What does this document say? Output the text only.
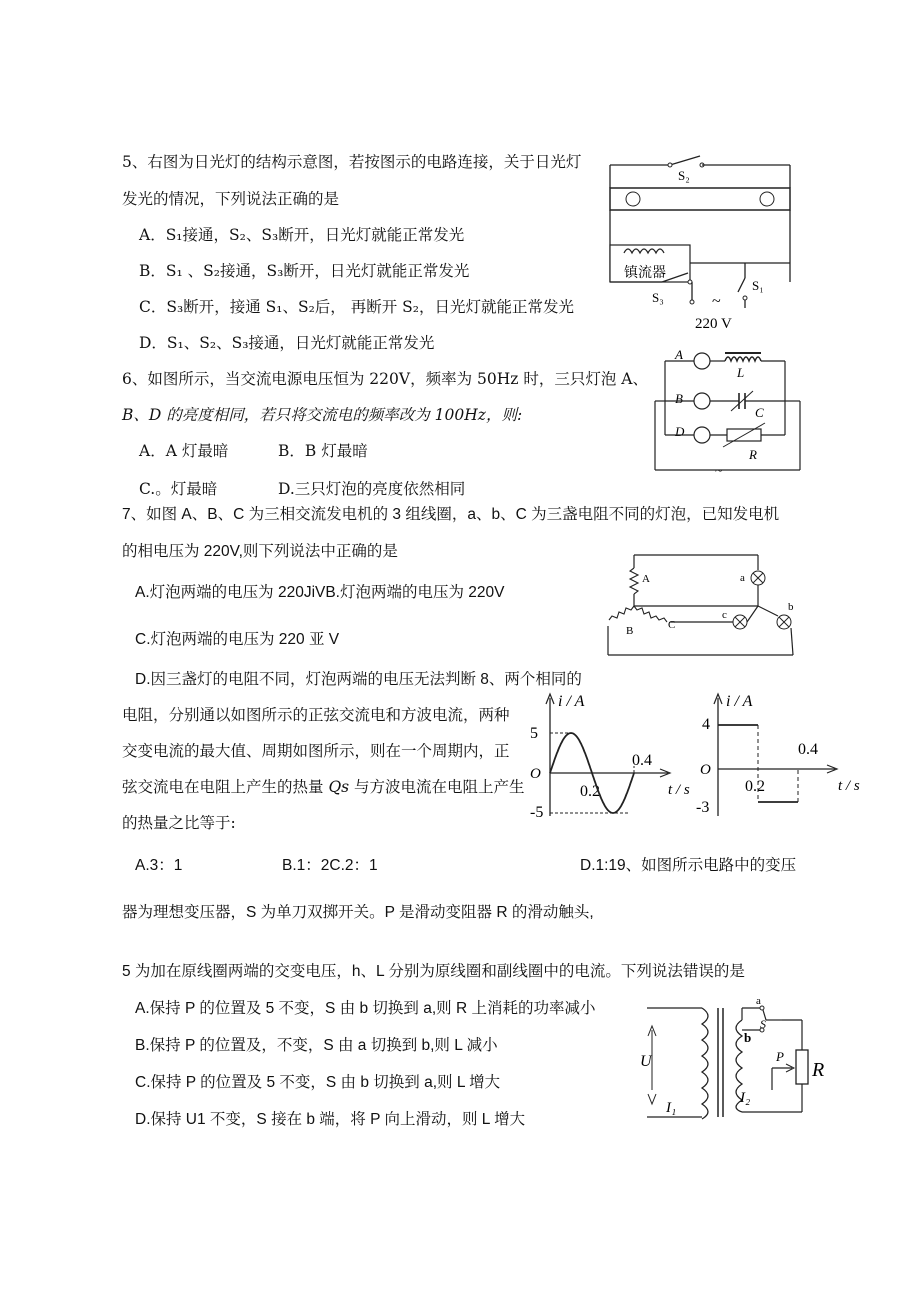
5、右图为日光灯的结构示意图，若按图示的电路连接，关于日光灯
发光的情况，下列说法正确的是
A．S₁接通，S₂、S₃断开，日光灯就能正常发光
B．S₁ 、S₂接通，S₃断开，日光灯就能正常发光
C．S₃断开，接通 S₁、S₂后， 再断开 S₂，日光灯就能正常发光
D．S₁、S₂、S₃接通，日光灯就能正常发光
S₂
镇流器
S₃
S₁
~
220 V
6、如图所示，当交流电源电压恒为 220V，频率为 50Hz 时，三只灯泡 A、
B、D 的亮度相同，若只将交流电的频率改为 100Hz，则:
A．A 灯最暗	B．B 灯最暗
C.。灯最暗	D.三只灯泡的亮度依然相同
A
L
B
C
D
R
~
7、如图 A、B、C 为三相交流发电机的 3 组线圈，a、b、C 为三盏电阻不同的灯泡，已知发电机
的相电压为 220V,则下列说法中正确的是
A.灯泡两端的电压为 220JiVB.灯泡两端的电压为 220V
C.灯泡两端的电压为 220 亚 V
D.因三盏灯的电阻不同，灯泡两端的电压无法判断 8、两个相同的
A	a
B	C
c
b
电阻，分别通以如图所示的正弦交流电和方波电流，两种
交变电流的最大值、周期如图所示，则在一个周期内，正
弦交流电在电阻上产生的热量 Qs 与方波电流在电阻上产生
的热量之比等于:
A.3：1	B.1：2C.2：1	D.1:19、如图所示电路中的变压
i / A
5
-5
O
0.2
0.4
t / s
i / A
4
-3
O
0.2
0.4
t / s
器为理想变压器，S 为单刀双掷开关。P 是滑动变阻器 R 的滑动触头,
5 为加在原线圈两端的交变电压，h、L 分别为原线圈和副线圈中的电流。下列说法错误的是
A.保持 P 的位置及 5 不变，S 由 b 切换到 a,则 R 上消耗的功率减小
B.保持 P 的位置及，不变，S 由 a 切换到 b,则 L 减小
C.保持 P 的位置及 5 不变，S 由 b 切换到 a,则 L 增大
D.保持 U1 不变，S 接在 b 端，将 P 向上滑动，则 L 增大
U
I₁
a
b
S
R
P
I₂
